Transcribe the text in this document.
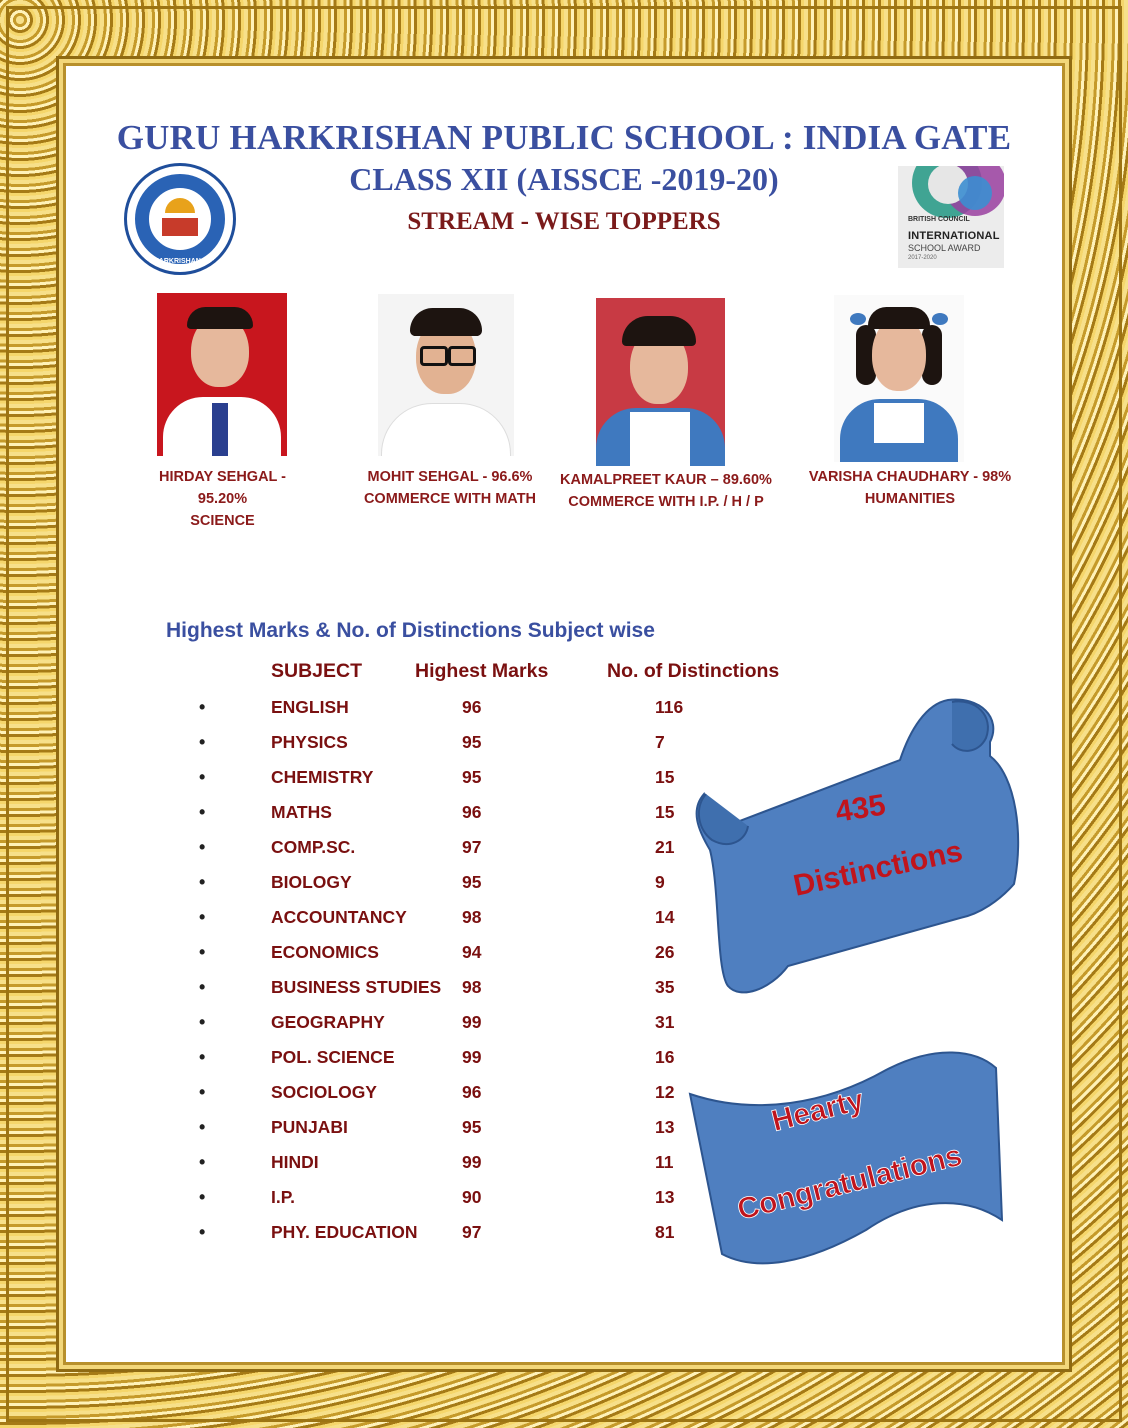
GURU HARKRISHAN PUBLIC SCHOOL : INDIA GATE
CLASS XII (AISSCE -2019-20)
STREAM - WISE TOPPERS
GURU HARKRISHAN PUBLIC SCHOOL
BRITISH COUNCIL
INTERNATIONAL
SCHOOL AWARD
2017-2020
HIRDAY SEHGAL - 95.20%
SCIENCE
MOHIT SEHGAL - 96.6%
COMMERCE WITH MATH
KAMALPREET KAUR – 89.60%
COMMERCE WITH I.P. / H / P
VARISHA CHAUDHARY - 98%
HUMANITIES
Highest Marks & No. of Distinctions Subject wise
SUBJECT	Highest Marks	No. of Distinctions
•	ENGLISH	96	116
•	PHYSICS	95	7
•	CHEMISTRY	95	15
•	MATHS	96	15
•	COMP.SC.	97	21
•	BIOLOGY	95	9
•	ACCOUNTANCY	98	14
•	ECONOMICS	94	26
•	BUSINESS STUDIES 98	35
•	GEOGRAPHY	99	31
•	POL. SCIENCE	99	16
•	SOCIOLOGY	96	12
•	PUNJABI	95	13
•	HINDI	99	11
•	I.P.	90	13
•	PHY. EDUCATION	97	81
435
Distinctions
Hearty
Congratulations
